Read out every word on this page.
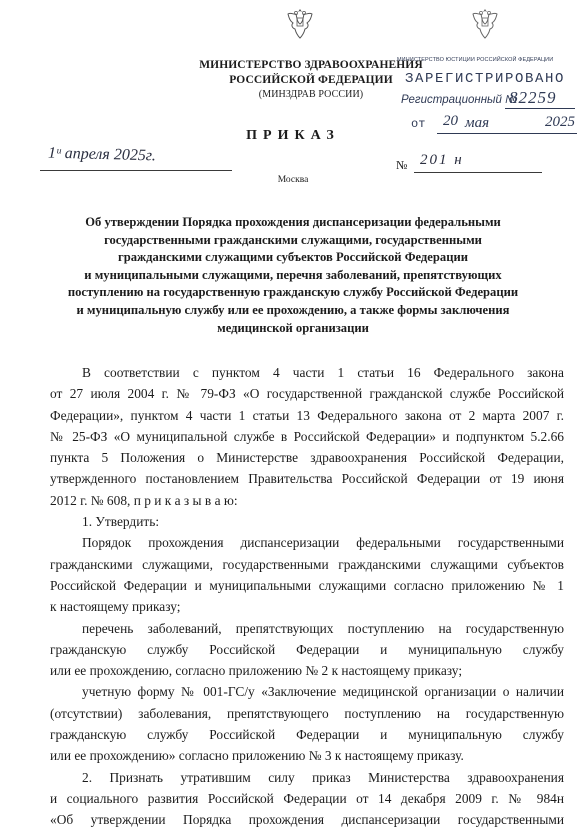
МИНИСТЕРСТВО ЗДРАВООХРАНЕНИЯ
РОССИЙСКОЙ ФЕДЕРАЦИИ
(МИНЗДРАВ РОССИИ)
МИНИСТЕРСТВО ЮСТИЦИИ РОССИЙСКОЙ ФЕДЕРАЦИИ
ЗАРЕГИСТРИРОВАНО
Регистрационный №
82259
от 20 мая	2025
ПРИКАЗ
1ᵘ апреля 2025г.
№ 201 н
Москва
Об утверждении Порядка прохождения диспансеризации федеральными
государственными гражданскими служащими, государственными
гражданскими служащими субъектов Российской Федерации
и муниципальными служащими, перечня заболеваний, препятствующих
поступлению на государственную гражданскую службу Российской Федерации
и муниципальную службу или ее прохождению, а также формы заключения
медицинской организации
В соответствии с пунктом 4 части 1 статьи 16 Федерального закона
от 27 июля 2004 г. № 79-ФЗ «О государственной гражданской службе Российской
Федерации», пунктом 4 части 1 статьи 13 Федерального закона от 2 марта 2007 г.
№ 25-ФЗ «О муниципальной службе в Российской Федерации» и подпунктом 5.2.66
пункта 5 Положения о Министерстве здравоохранения Российской Федерации,
утвержденного постановлением Правительства Российской Федерации от 19 июня
2012 г. № 608, п р и к а з ы в а ю:
1. Утвердить:
Порядок прохождения диспансеризации федеральными государственными
гражданскими служащими, государственными гражданскими служащими субъектов
Российской Федерации и муниципальными служащими согласно приложению № 1
к настоящему приказу;
перечень заболеваний, препятствующих поступлению на государственную
гражданскую службу Российской Федерации и муниципальную службу
или ее прохождению, согласно приложению № 2 к настоящему приказу;
учетную форму № 001-ГС/у «Заключение медицинской организации о наличии
(отсутствии) заболевания, препятствующего поступлению на государственную
гражданскую службу Российской Федерации и муниципальную службу
или ее прохождению» согласно приложению № 3 к настоящему приказу.
2. Признать утратившим силу приказ Министерства здравоохранения
и социального развития Российской Федерации от 14 декабря 2009 г. № 984н
«Об утверждении Порядка прохождения диспансеризации государственными
